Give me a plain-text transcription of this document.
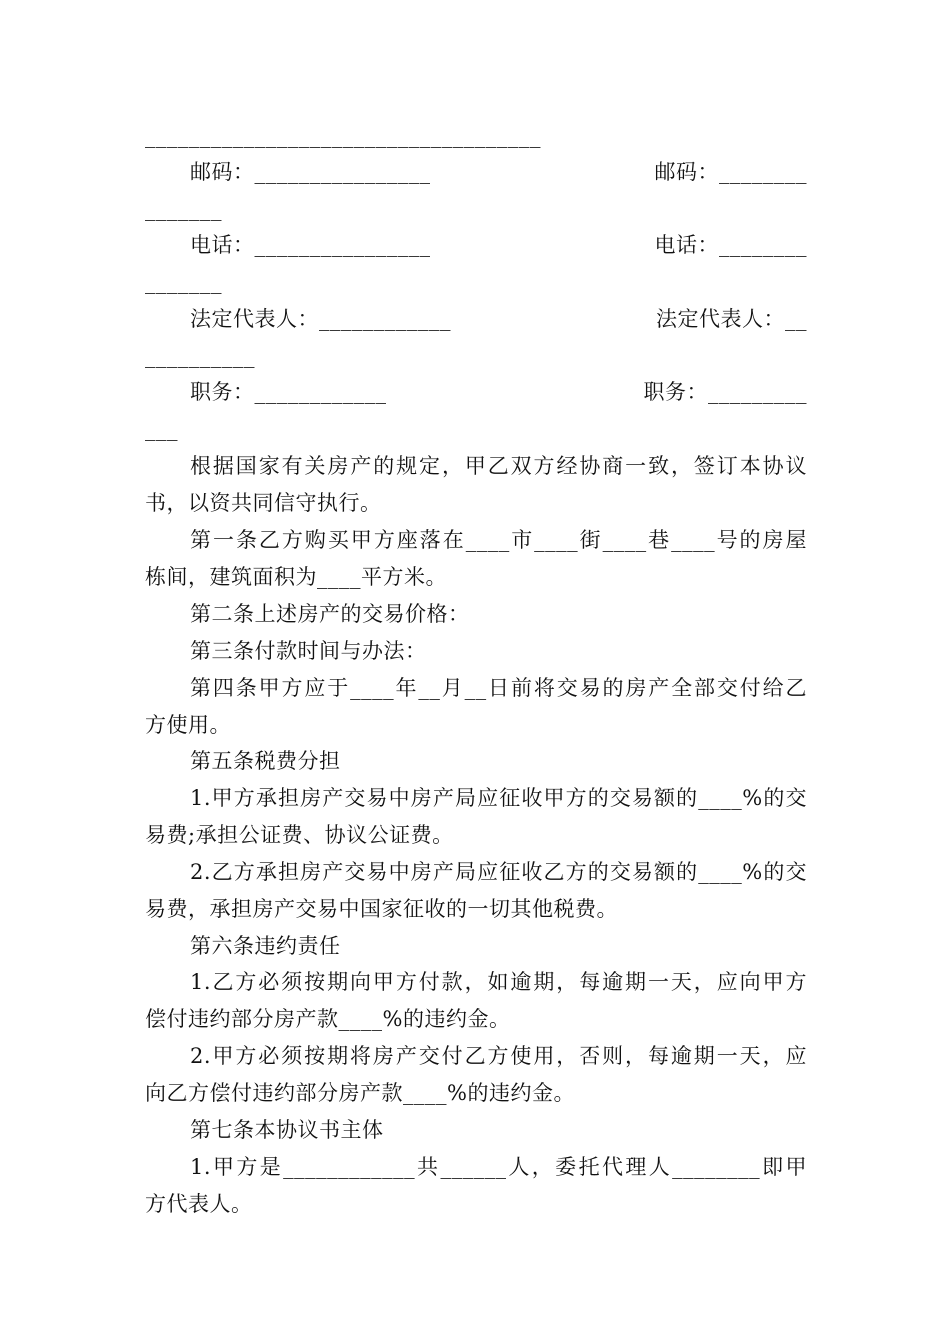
____________________________________
邮码：________________	邮码：________
_______
电话：________________	电话：________
_______
法定代表人：____________	法定代表人：__
__________
职务：____________	职务：_________
___
根据国家有关房产的规定，甲乙双方经协商一致，签订本协议
书，以资共同信守执行。
第一条乙方购买甲方座落在____市____街____巷____号的房屋
栋间，建筑面积为____平方米。
第二条上述房产的交易价格：
第三条付款时间与办法：
第四条甲方应于____年__月__日前将交易的房产全部交付给乙
方使用。
第五条税费分担
1.甲方承担房产交易中房产局应征收甲方的交易额的____%的交
易费;承担公证费、协议公证费。
2.乙方承担房产交易中房产局应征收乙方的交易额的____%的交
易费，承担房产交易中国家征收的一切其他税费。
第六条违约责任
1.乙方必须按期向甲方付款，如逾期，每逾期一天，应向甲方
偿付违约部分房产款____%的违约金。
2.甲方必须按期将房产交付乙方使用，否则，每逾期一天，应
向乙方偿付违约部分房产款____%的违约金。
第七条本协议书主体
1.甲方是____________共______人，委托代理人________即甲
方代表人。
